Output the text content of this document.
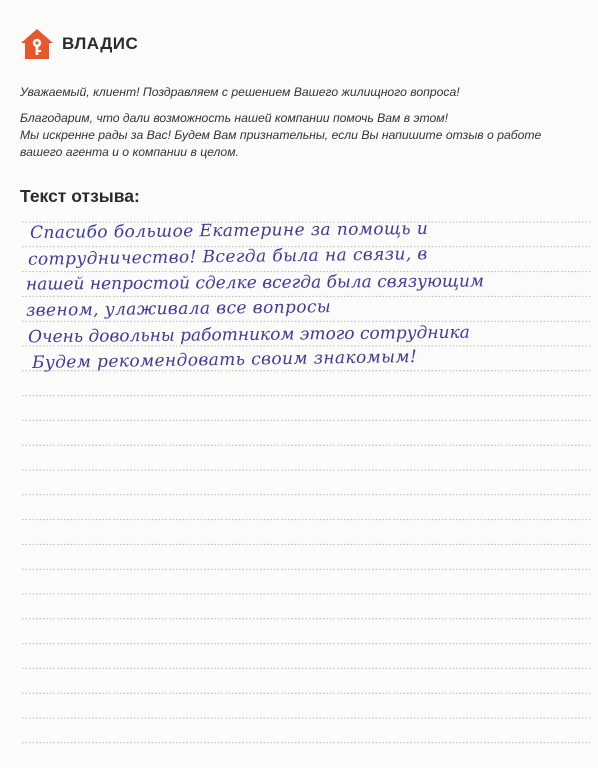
ВЛАДИС
Уважаемый, клиент! Поздравляем с решением Вашего жилищного вопроса!
Благодарим, что дали возможность нашей компании помочь Вам в этом!
Мы искренне рады за Вас! Будем Вам признательны, если Вы напишите отзыв о работе
вашего агента и о компании в целом.
Текст отзыва:
Спасибо большое Екатерине за помощь и
сотрудничество! Всегда была на связи, в
нашей непростой сделке всегда была связующим
звеном, улаживала все вопросы
Очень довольны работником этого сотрудника
Будем рекомендовать своим знакомым!
